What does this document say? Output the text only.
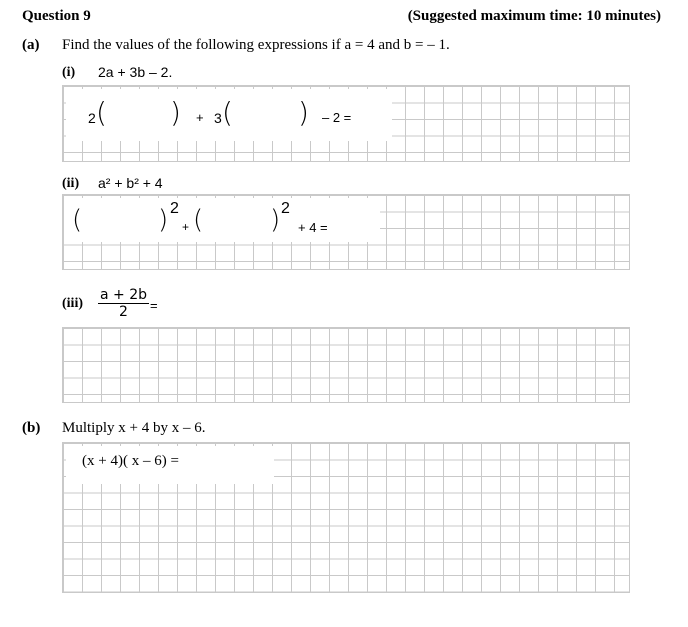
Question 9	(Suggested maximum time: 10 minutes)
(a) Find the values of the following expressions if a = 4 and b = – 1.
(i) 2a + 3b – 2.
2 ( ) + 3 ( ) – 2 =
(ii) a² + b² + 4
(	) 2
+ (	) 2
+ 4 =
$(iii) \frac{a + 2b}{2}$ =
(b) Multiply x + 4 by x – 6.
(x + 4)( x – 6) =
